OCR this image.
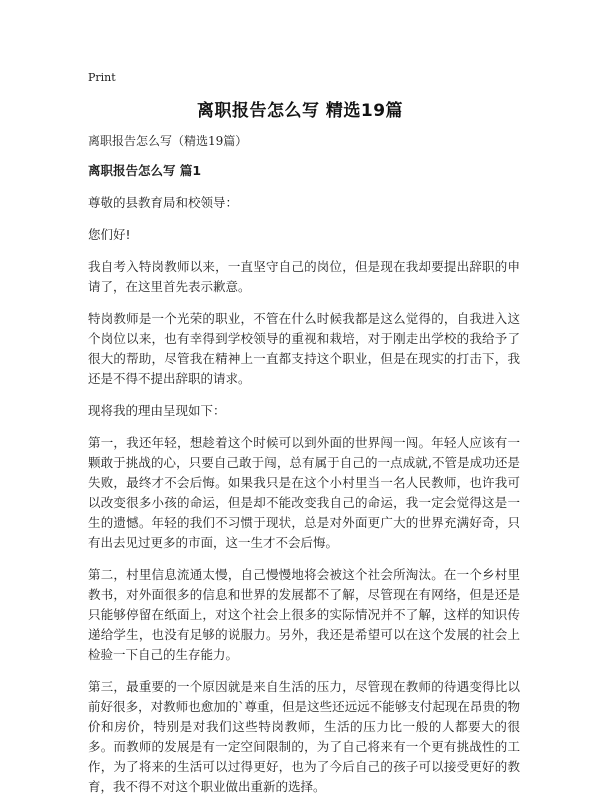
Print
离职报告怎么写 精选19篇

离职报告怎么写（精选19篇）

离职报告怎么写 篇1

尊敬的县教育局和校领导：

您们好!

我自考入特岗教师以来，一直坚守自己的岗位，但是现在我却要提出辞职的申请了，在这里首先表示歉意。

特岗教师是一个光荣的职业，不管在什么时候我都是这么觉得的，自我进入这个岗位以来，也有幸得到学校领导的重视和栽培，对于刚走出学校的我给予了很大的帮助，尽管我在精神上一直都支持这个职业，但是在现实的打击下，我还是不得不提出辞职的请求。

现将我的理由呈现如下：

第一，我还年轻，想趁着这个时候可以到外面的世界闯一闯。年轻人应该有一颗敢于挑战的心，只要自己敢于闯，总有属于自己的一点成就,不管是成功还是失败，最终才不会后悔。如果我只是在这个小村里当一名人民教师，也许我可以改变很多小孩的命运，但是却不能改变我自己的命运，我一定会觉得这是一生的遗憾。年轻的我们不习惯于现状，总是对外面更广大的世界充满好奇，只有出去见过更多的市面，这一生才不会后悔。

第二，村里信息流通太慢，自己慢慢地将会被这个社会所淘汰。在一个乡村里教书，对外面很多的信息和世界的发展都不了解，尽管现在有网络，但是还是只能够停留在纸面上，对这个社会上很多的实际情况并不了解，这样的知识传递给学生，也没有足够的说服力。另外，我还是希望可以在这个发展的社会上检验一下自己的生存能力。

第三，最重要的一个原因就是来自生活的压力，尽管现在教师的待遇变得比以前好很多，对教师也愈加的`尊重，但是这些还远远不能够支付起现在昂贵的物价和房价，特别是对我们这些特岗教师，生活的压力比一般的人都要大的很多。而教师的发展是有一定空间限制的，为了自己将来有一个更有挑战性的工作，为了将来的生活可以过得更好，也为了今后自己的孩子可以接受更好的教育，我不得不对这个职业做出重新的选择。
